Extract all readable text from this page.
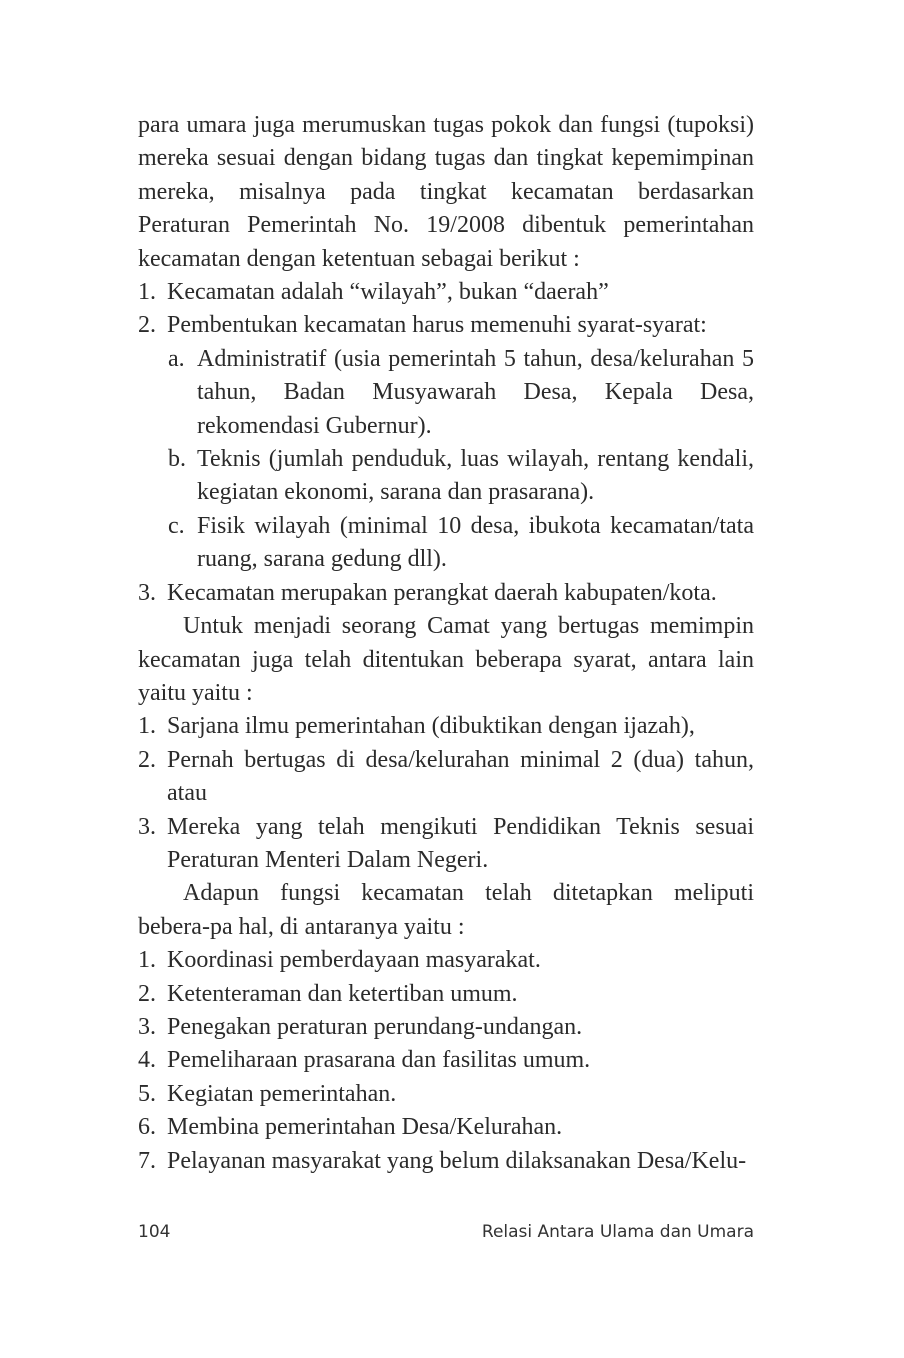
para umara juga merumuskan tugas pokok dan fungsi (tupoksi) mereka sesuai dengan bidang tugas dan tingkat kepemimpinan mereka, misalnya pada tingkat kecamatan berdasarkan Peraturan Pemerintah No. 19/2008 dibentuk pemerintahan kecamatan dengan ketentuan sebagai berikut :

1. Kecamatan adalah “wilayah”, bukan “daerah”
2. Pembentukan kecamatan harus memenuhi syarat-syarat:
a. Administratif (usia pemerintah 5 tahun, desa/kelurahan 5 tahun, Badan Musyawarah Desa, Kepala Desa, rekomendasi Gubernur).
b. Teknis (jumlah penduduk, luas wilayah, rentang kendali, kegiatan ekonomi, sarana dan prasarana).
c. Fisik wilayah (minimal 10 desa, ibukota kecamatan/tata ruang, sarana gedung dll).
3. Kecamatan merupakan perangkat daerah kabupaten/kota.

Untuk menjadi seorang Camat yang bertugas memimpin kecamatan juga telah ditentukan beberapa syarat, antara lain yaitu yaitu :

1. Sarjana ilmu pemerintahan (dibuktikan dengan ijazah),
2. Pernah bertugas di desa/kelurahan minimal 2 (dua) tahun, atau
3. Mereka yang telah mengikuti Pendidikan Teknis sesuai Peraturan Menteri Dalam Negeri.

Adapun fungsi kecamatan telah ditetapkan meliputi bebera-pa hal, di antaranya yaitu :

1. Koordinasi pemberdayaan masyarakat.
2. Ketenteraman dan ketertiban umum.
3. Penegakan peraturan perundang-undangan.
4. Pemeliharaan prasarana dan fasilitas umum.
5. Kegiatan pemerintahan.
6. Membina pemerintahan Desa/Kelurahan.
7. Pelayanan masyarakat yang belum dilaksanakan Desa/Kelu-
104	Relasi Antara Ulama dan Umara
